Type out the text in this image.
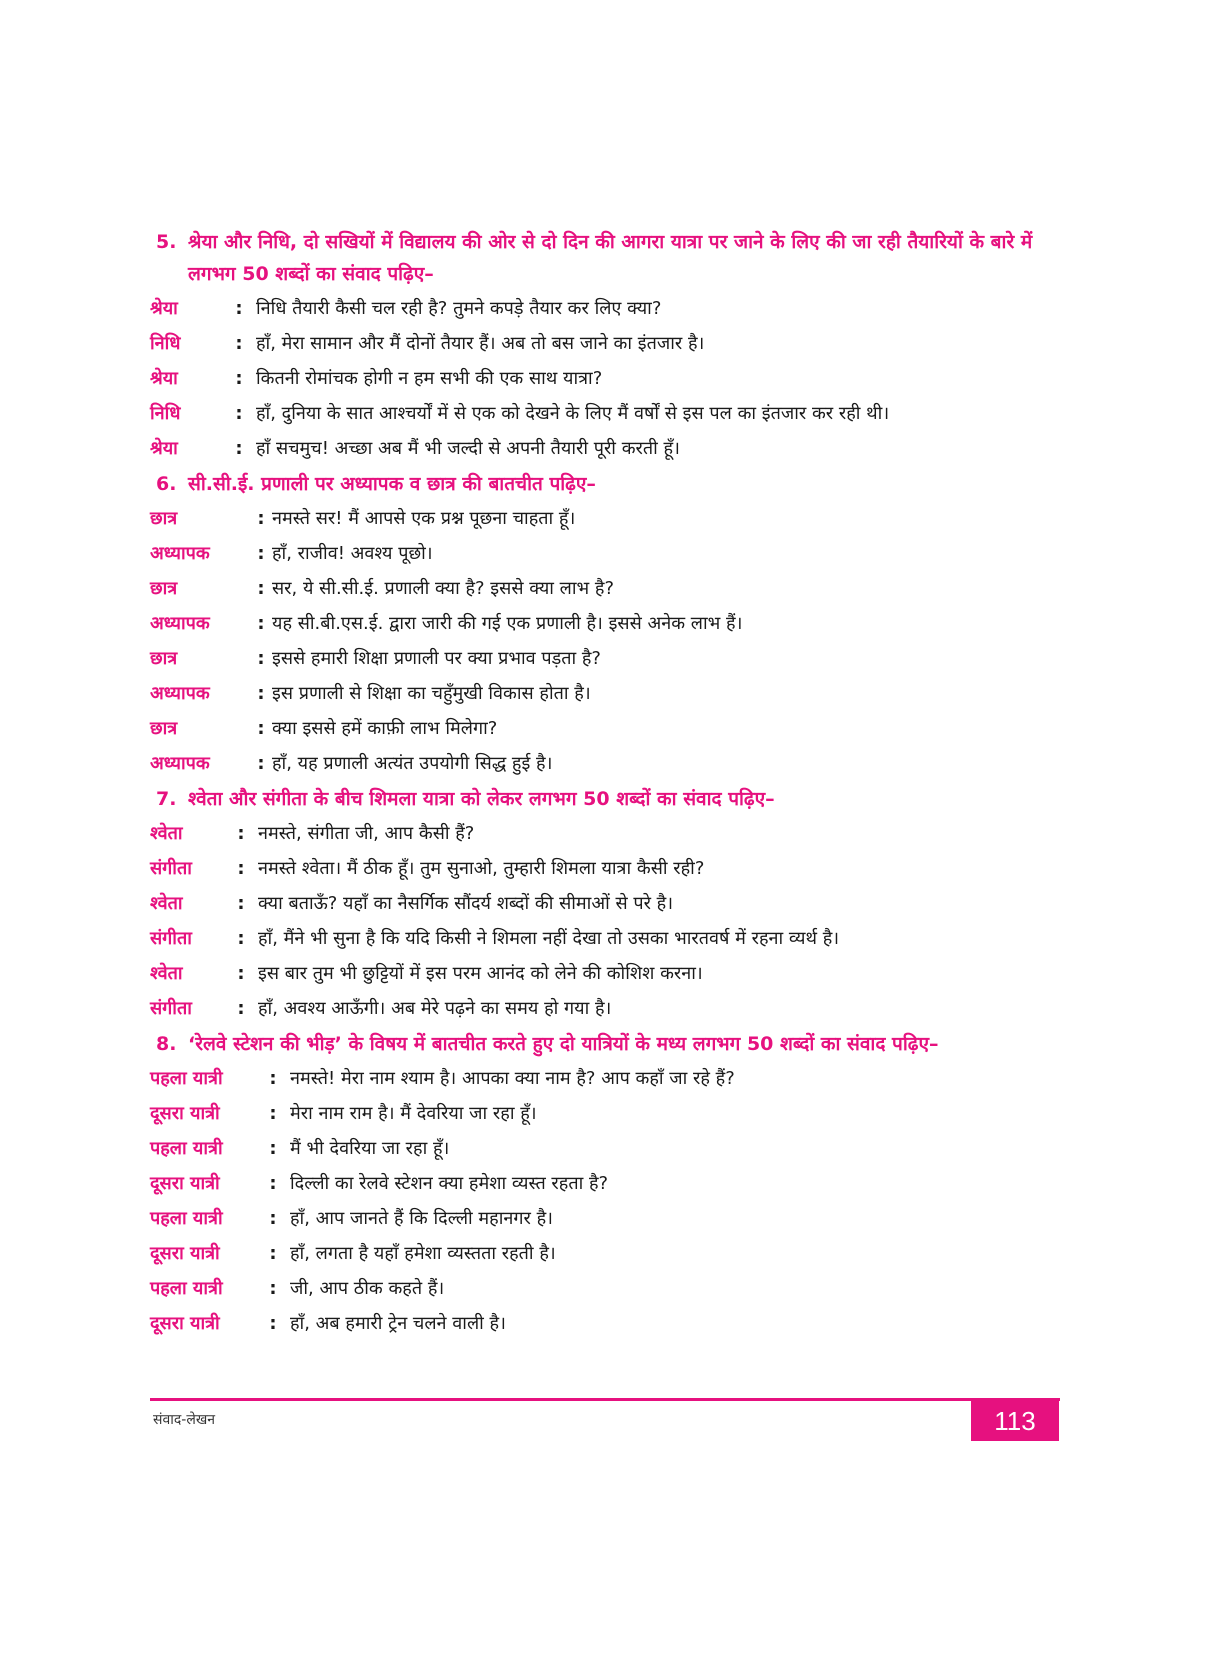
5. श्रेया और निधि, दो सखियों में विद्यालय की ओर से दो दिन की आगरा यात्रा पर जाने के लिए की जा रही तैयारियों के बारे में लगभग 50 शब्दों का संवाद पढ़िए–
श्रेया	: निधि तैयारी कैसी चल रही है? तुमने कपड़े तैयार कर लिए क्या?
निधि	: हाँ, मेरा सामान और मैं दोनों तैयार हैं। अब तो बस जाने का इंतजार है।
श्रेया	: कितनी रोमांचक होगी न हम सभी की एक साथ यात्रा?
निधि	: हाँ, दुनिया के सात आश्चर्यों में से एक को देखने के लिए मैं वर्षों से इस पल का इंतजार कर रही थी।
श्रेया	: हाँ सचमुच! अच्छा अब मैं भी जल्दी से अपनी तैयारी पूरी करती हूँ।
6. सी.सी.ई. प्रणाली पर अध्यापक व छात्र की बातचीत पढ़िए–
छात्र	: नमस्ते सर! मैं आपसे एक प्रश्न पूछना चाहता हूँ।
अध्यापक	: हाँ, राजीव! अवश्य पूछो।
छात्र	: सर, ये सी.सी.ई. प्रणाली क्या है? इससे क्या लाभ है?
अध्यापक	: यह सी.बी.एस.ई. द्वारा जारी की गई एक प्रणाली है। इससे अनेक लाभ हैं।
छात्र	: इससे हमारी शिक्षा प्रणाली पर क्या प्रभाव पड़ता है?
अध्यापक	: इस प्रणाली से शिक्षा का चहुँमुखी विकास होता है।
छात्र	: क्या इससे हमें काफ़ी लाभ मिलेगा?
अध्यापक	: हाँ, यह प्रणाली अत्यंत उपयोगी सिद्ध हुई है।
7. श्वेता और संगीता के बीच शिमला यात्रा को लेकर लगभग 50 शब्दों का संवाद पढ़िए–
श्वेता	: नमस्ते, संगीता जी, आप कैसी हैं?
संगीता	: नमस्ते श्वेता। मैं ठीक हूँ। तुम सुनाओ, तुम्हारी शिमला यात्रा कैसी रही?
श्वेता	: क्या बताऊँ? यहाँ का नैसर्गिक सौंदर्य शब्दों की सीमाओं से परे है।
संगीता	: हाँ, मैंने भी सुना है कि यदि किसी ने शिमला नहीं देखा तो उसका भारतवर्ष में रहना व्यर्थ है।
श्वेता	: इस बार तुम भी छुट्टियों में इस परम आनंद को लेने की कोशिश करना।
संगीता	: हाँ, अवश्य आऊँगी। अब मेरे पढ़ने का समय हो गया है।
8. ‘रेलवे स्टेशन की भीड़’ के विषय में बातचीत करते हुए दो यात्रियों के मध्य लगभग 50 शब्दों का संवाद पढ़िए–
पहला यात्री	: नमस्ते! मेरा नाम श्याम है। आपका क्या नाम है? आप कहाँ जा रहे हैं?
दूसरा यात्री	: मेरा नाम राम है। मैं देवरिया जा रहा हूँ।
पहला यात्री	: मैं भी देवरिया जा रहा हूँ।
दूसरा यात्री	: दिल्ली का रेलवे स्टेशन क्या हमेशा व्यस्त रहता है?
पहला यात्री	: हाँ, आप जानते हैं कि दिल्ली महानगर है।
दूसरा यात्री	: हाँ, लगता है यहाँ हमेशा व्यस्तता रहती है।
पहला यात्री	: जी, आप ठीक कहते हैं।
दूसरा यात्री	: हाँ, अब हमारी ट्रेन चलने वाली है।
संवाद-लेखन	113
